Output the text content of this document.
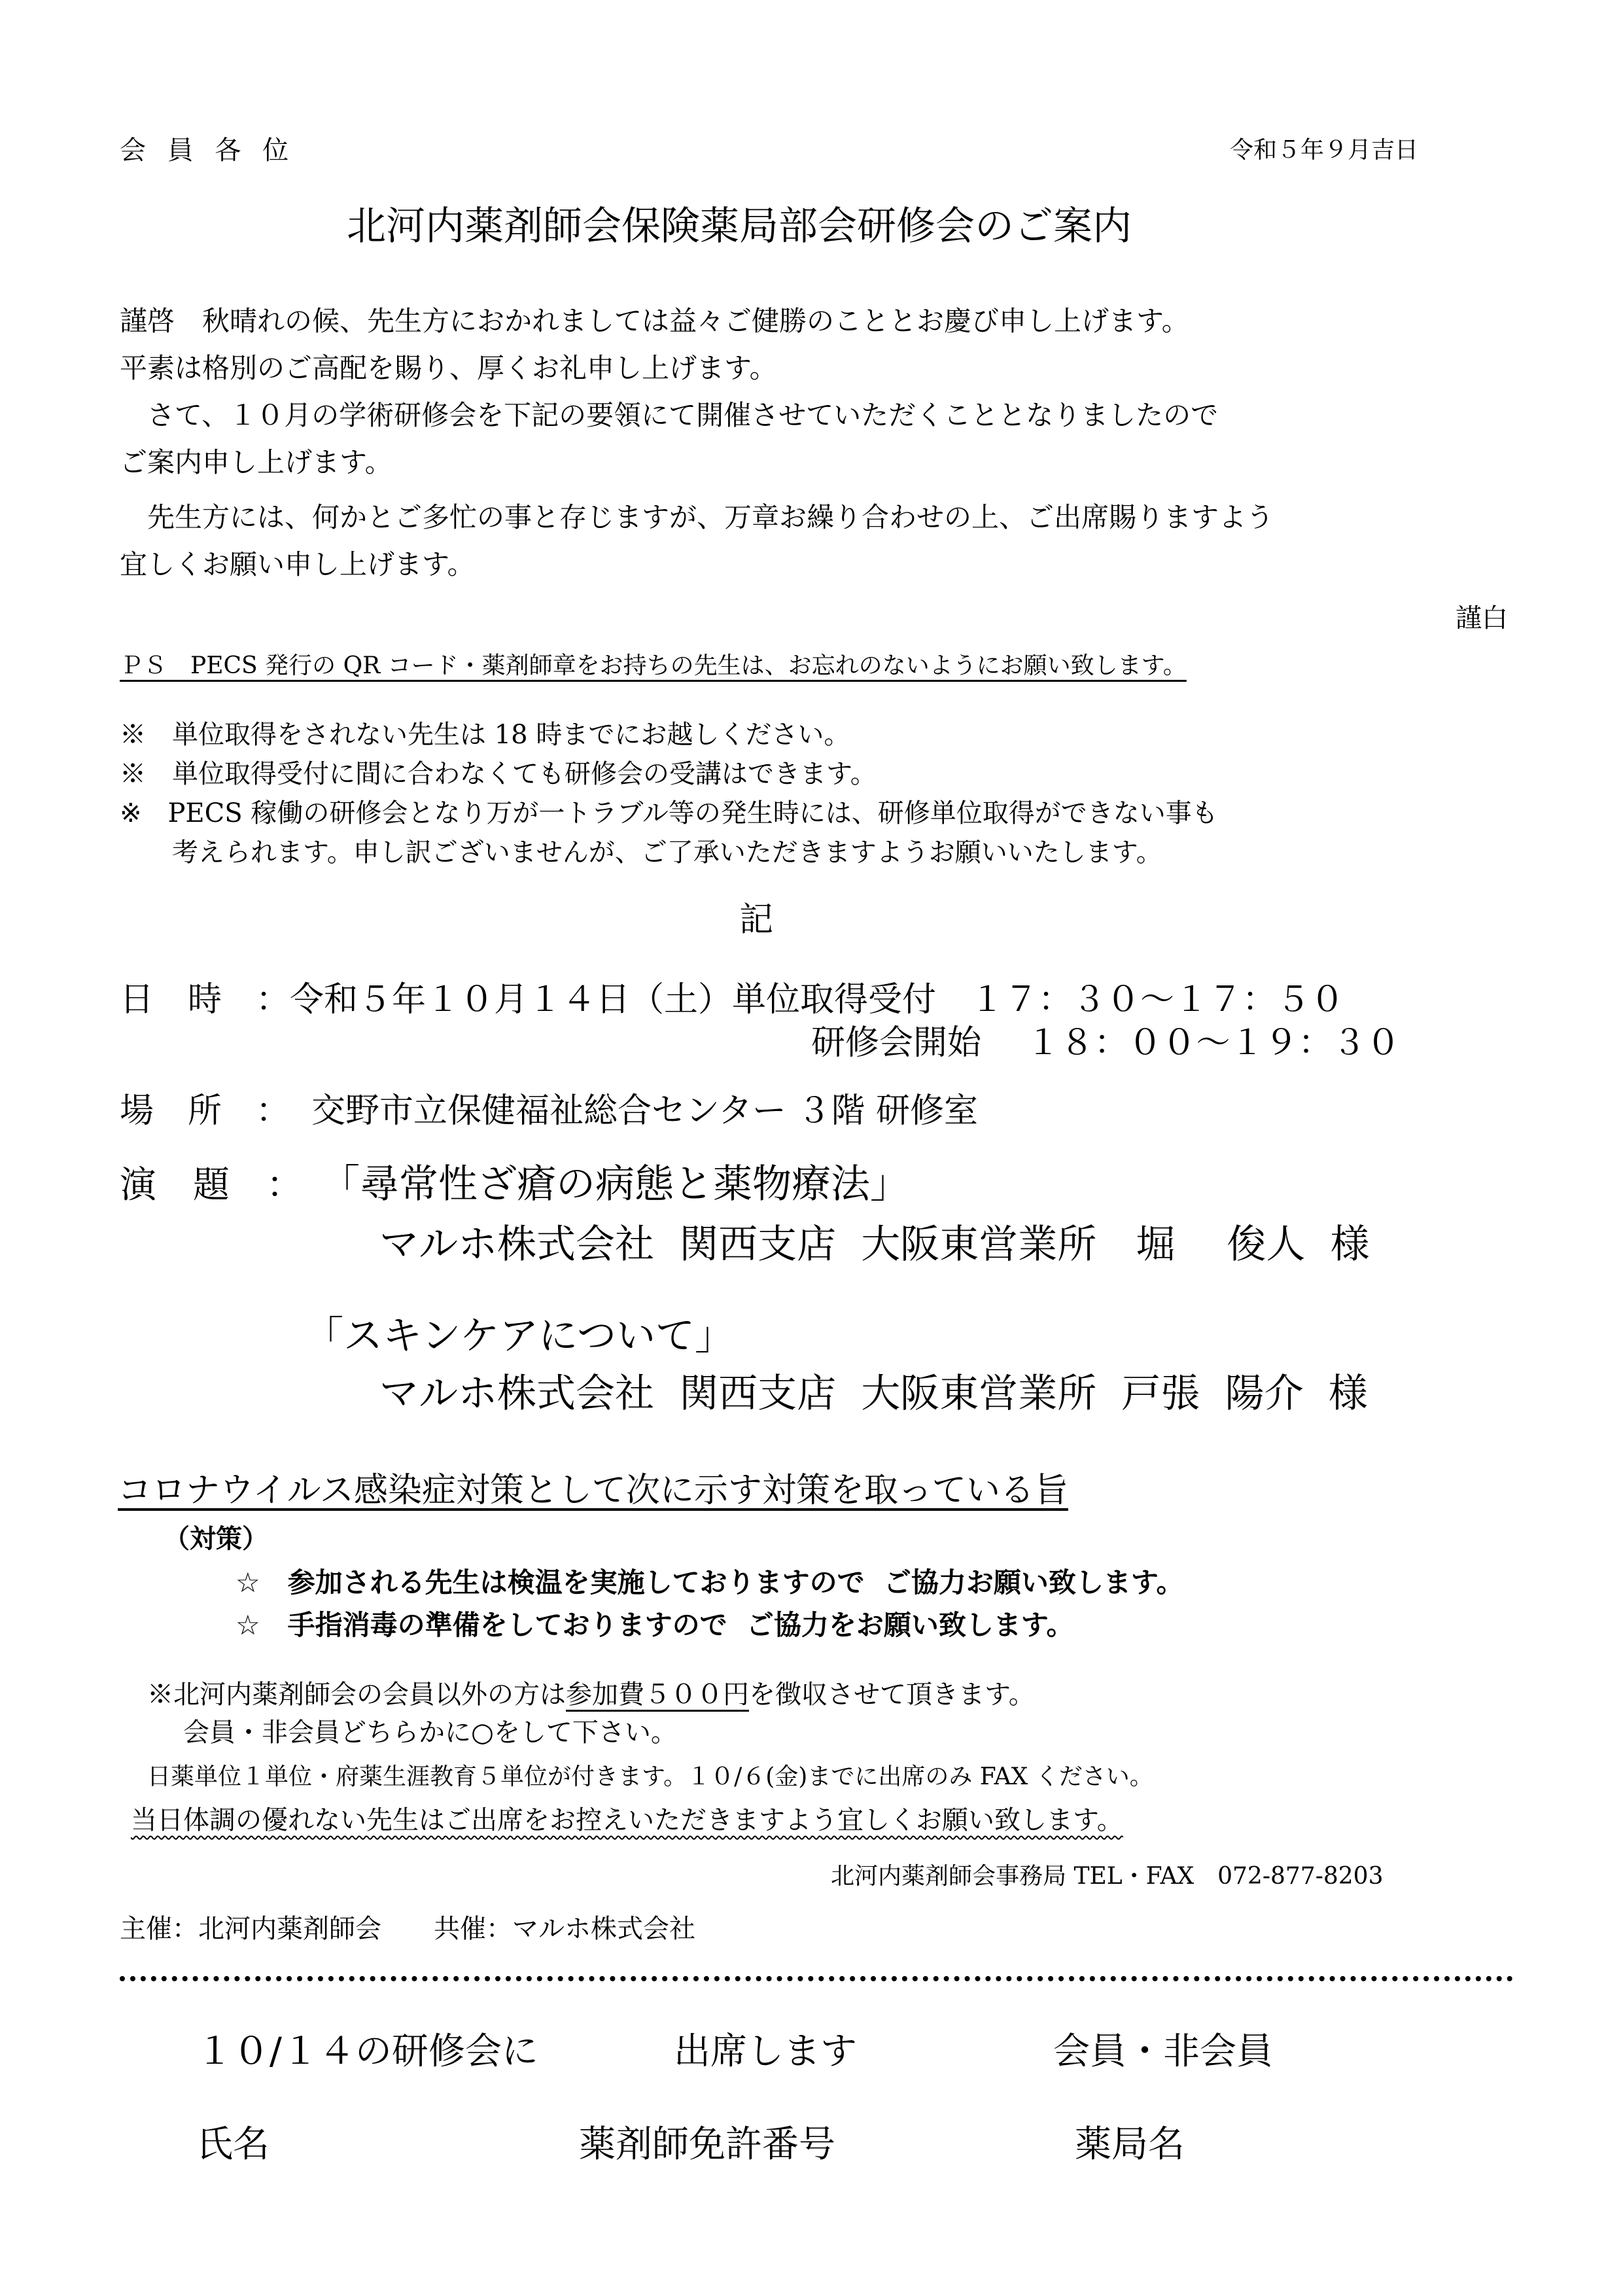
会 員 各 位	令和５年９月吉日
北河内薬剤師会保険薬局部会研修会のご案内
謹啓　秋晴れの候、先生方におかれましては益々ご健勝のこととお慶び申し上げます。
平素は格別のご高配を賜り、厚くお礼申し上げます。
　さて、１０月の学術研修会を下記の要領にて開催させていただくこととなりましたので
ご案内申し上げます。
　先生方には、何かとご多忙の事と存じますが、万章お繰り合わせの上、ご出席賜りますよう
宜しくお願い申し上げます。
謹白
ＰＳ　PECS 発行の QR コード・薬剤師章をお持ちの先生は、お忘れのないようにお願い致します。
※　単位取得をされない先生は 18 時までにお越しください。
※　単位取得受付に間に合わなくても研修会の受講はできます。
※　PECS 稼働の研修会となり万が一トラブル等の発生時には、研修単位取得ができない事も
　　考えられます。申し訳ございませんが、ご了承いただきますようお願いいたします。
記
日　時　：令和５年１０月１４日（土）単位取得受付　１７：３０～１７：５０
研修会開始　 １８：００～１９：３０
場　所　： 交野市立保健福祉総合センター ３階 研修室
演　題　： 「尋常性ざ瘡の病態と薬物療法」
マルホ株式会社  関西支店  大阪東営業所　堀　 俊人  様
「スキンケアについて」
マルホ株式会社  関西支店  大阪東営業所  戸張  陽介  様
コロナウイルス感染症対策として次に示す対策を取っている旨
（対策）
☆　参加される先生は検温を実施しておりますので  ご協力お願い致します。
☆　手指消毒の準備をしておりますので  ご協力をお願い致します。
※北河内薬剤師会の会員以外の方は参加費５００円を徴収させて頂きます。
会員・非会員どちらかに○をして下さい。
日薬単位１単位・府薬生涯教育５単位が付きます。１０/６(金)までに出席のみ FAX ください。
当日体調の優れない先生はご出席をお控えいただきますよう宜しくお願い致します。
北河内薬剤師会事務局 TEL・FAX　072-877-8203
主催：北河内薬剤師会　　共催：マルホ株式会社
１０/１４の研修会に	出席します	会員・非会員
氏名	薬剤師免許番号	薬局名
